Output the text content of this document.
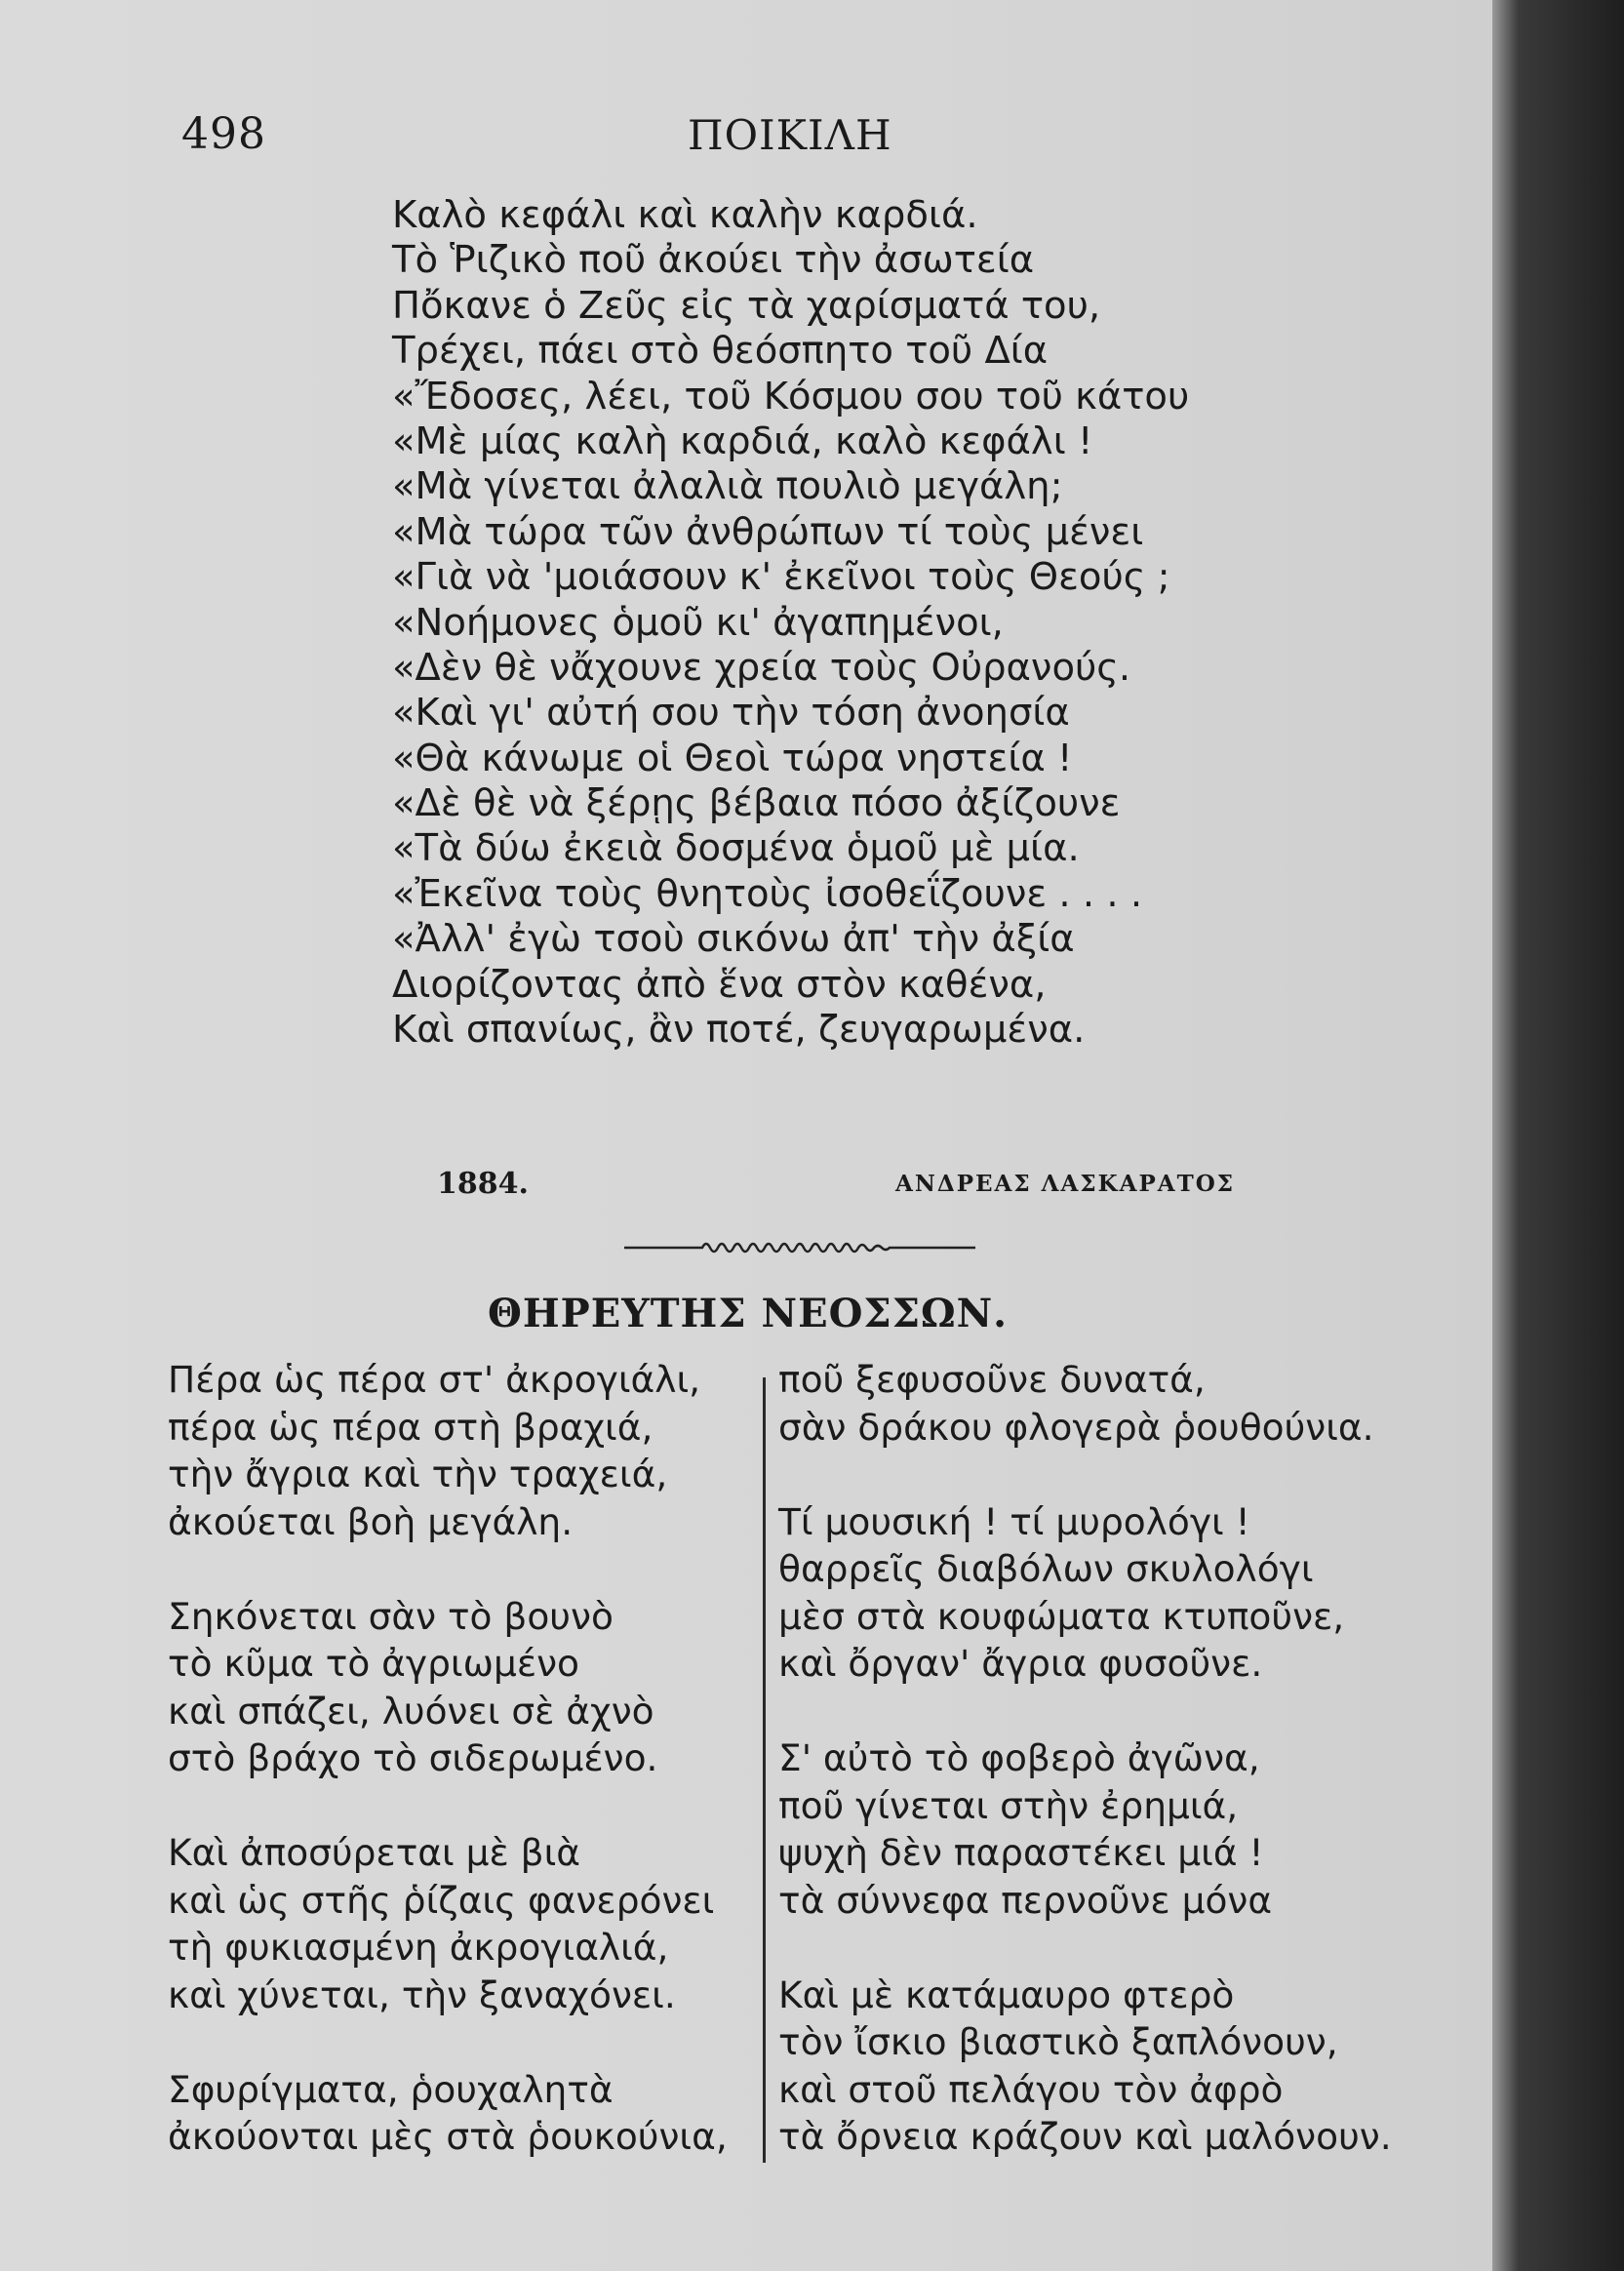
498	ΠΟΙΚΙΛΗ
Καλὸ κεφάλι καὶ καλὴν καρδιά.
Τὸ Ῥιζικὸ ποῦ ἀκούει τὴν ἀσωτεία
Πὄκανε ὁ Ζεῦς εἰς τὰ χαρίσματά του,
Τρέχει, πάει στὸ θεόσπητο τοῦ Δία
«Ἔδοσες, λέει, τοῦ Κόσμου σου τοῦ κάτου
«Μὲ μίας καλὴ καρδιά, καλὸ κεφάλι !
«Μὰ γίνεται ἀλαλιὰ πουλιὸ μεγάλη;
«Μὰ τώρα τῶν ἀνθρώπων τί τοὺς μένει
«Γιὰ νὰ 'μοιάσουν κ' ἐκεῖνοι τοὺς Θεούς ;
«Νοήμονες ὁμοῦ κι' ἀγαπημένοι,
«Δὲν θὲ νἄχουνε χρεία τοὺς Οὐρανούς.
«Καὶ γι' αὐτή σου τὴν τόση ἀνοησία
«Θὰ κάνωμε οἱ Θεοὶ τώρα νηστεία !
«Δὲ θὲ νὰ ξέρῃς βέβαια πόσο ἀξίζουνε
«Τὰ δύω ἐκειὰ δοσμένα ὁμοῦ μὲ μία.
«Ἐκεῖνα τοὺς θνητοὺς ἰσοθεΐζουνε . . . .
«Ἀλλ' ἐγὼ τσοὺ σικόνω ἀπ' τὴν ἀξία
Διορίζοντας ἀπὸ ἕνα στὸν καθένα,
Καὶ σπανίως, ἂν ποτέ, ζευγαρωμένα.
1884.	ΑΝΔΡΕΑΣ ΛΑΣΚΑΡΑΤΟΣ
ΘΗΡΕΥΤΗΣ ΝΕΟΣΣΩΝ.
Πέρα ὡς πέρα στ' ἀκρογιάλι,
πέρα ὡς πέρα στὴ βραχιά,
τὴν ἄγρια καὶ τὴν τραχειά,
ἀκούεται βοὴ μεγάλη.
Σηκόνεται σὰν τὸ βουνὸ
τὸ κῦμα τὸ ἀγριωμένο
καὶ σπάζει, λυόνει σὲ ἀχνὸ
στὸ βράχο τὸ σιδερωμένο.
Καὶ ἀποσύρεται μὲ βιὰ
καὶ ὡς στῆς ῥίζαις φανερόνει
τὴ φυκιασμένη ἀκρογιαλιά,
καὶ χύνεται, τὴν ξαναχόνει.
Σφυρίγματα, ῥουχαλητὰ
ἀκούονται μὲς στὰ ῥουκούνια,
ποῦ ξεφυσοῦνε δυνατά,
σὰν δράκου φλογερὰ ῥουθούνια.
Τί μουσική ! τί μυρολόγι !
θαρρεῖς διαβόλων σκυλολόγι
μὲσ στὰ κουφώματα κτυποῦνε,
καὶ ὄργαν' ἄγρια φυσοῦνε.
Σ' αὐτὸ τὸ φοβερὸ ἀγῶνα,
ποῦ γίνεται στὴν ἐρημιά,
ψυχὴ δὲν παραστέκει μιά !
τὰ σύννεφα περνοῦνε μόνα
Καὶ μὲ κατάμαυρο φτερὸ
τὸν ἴσκιο βιαστικὸ ξαπλόνουν,
καὶ στοῦ πελάγου τὸν ἀφρὸ
τὰ ὄρνεια κράζουν καὶ μαλόνουν.
